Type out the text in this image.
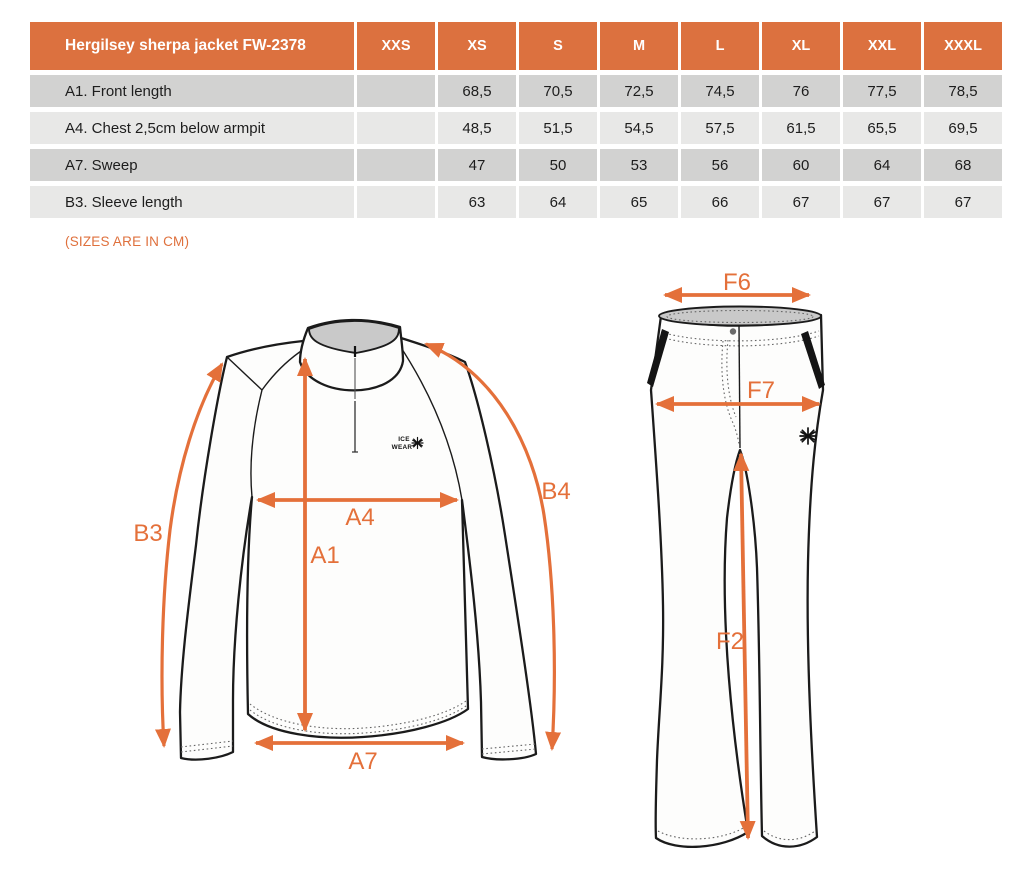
Hergilsey sherpa jacket FW-2378	XXS	XS	S	M	L	XL	XXL	XXXL
A1. Front length		68,5	70,5	72,5	74,5	76	77,5	78,5
A4. Chest 2,5cm below armpit		48,5	51,5	54,5	57,5	61,5	65,5	69,5
A7. Sweep		47	50	53	56	60	64	68
B3. Sleeve length		63	64	65	66	67	67	67
(SIZES ARE IN CM)
ICE
WEAR
A1
A4
A7
B3
B4
F6
F7
F2
